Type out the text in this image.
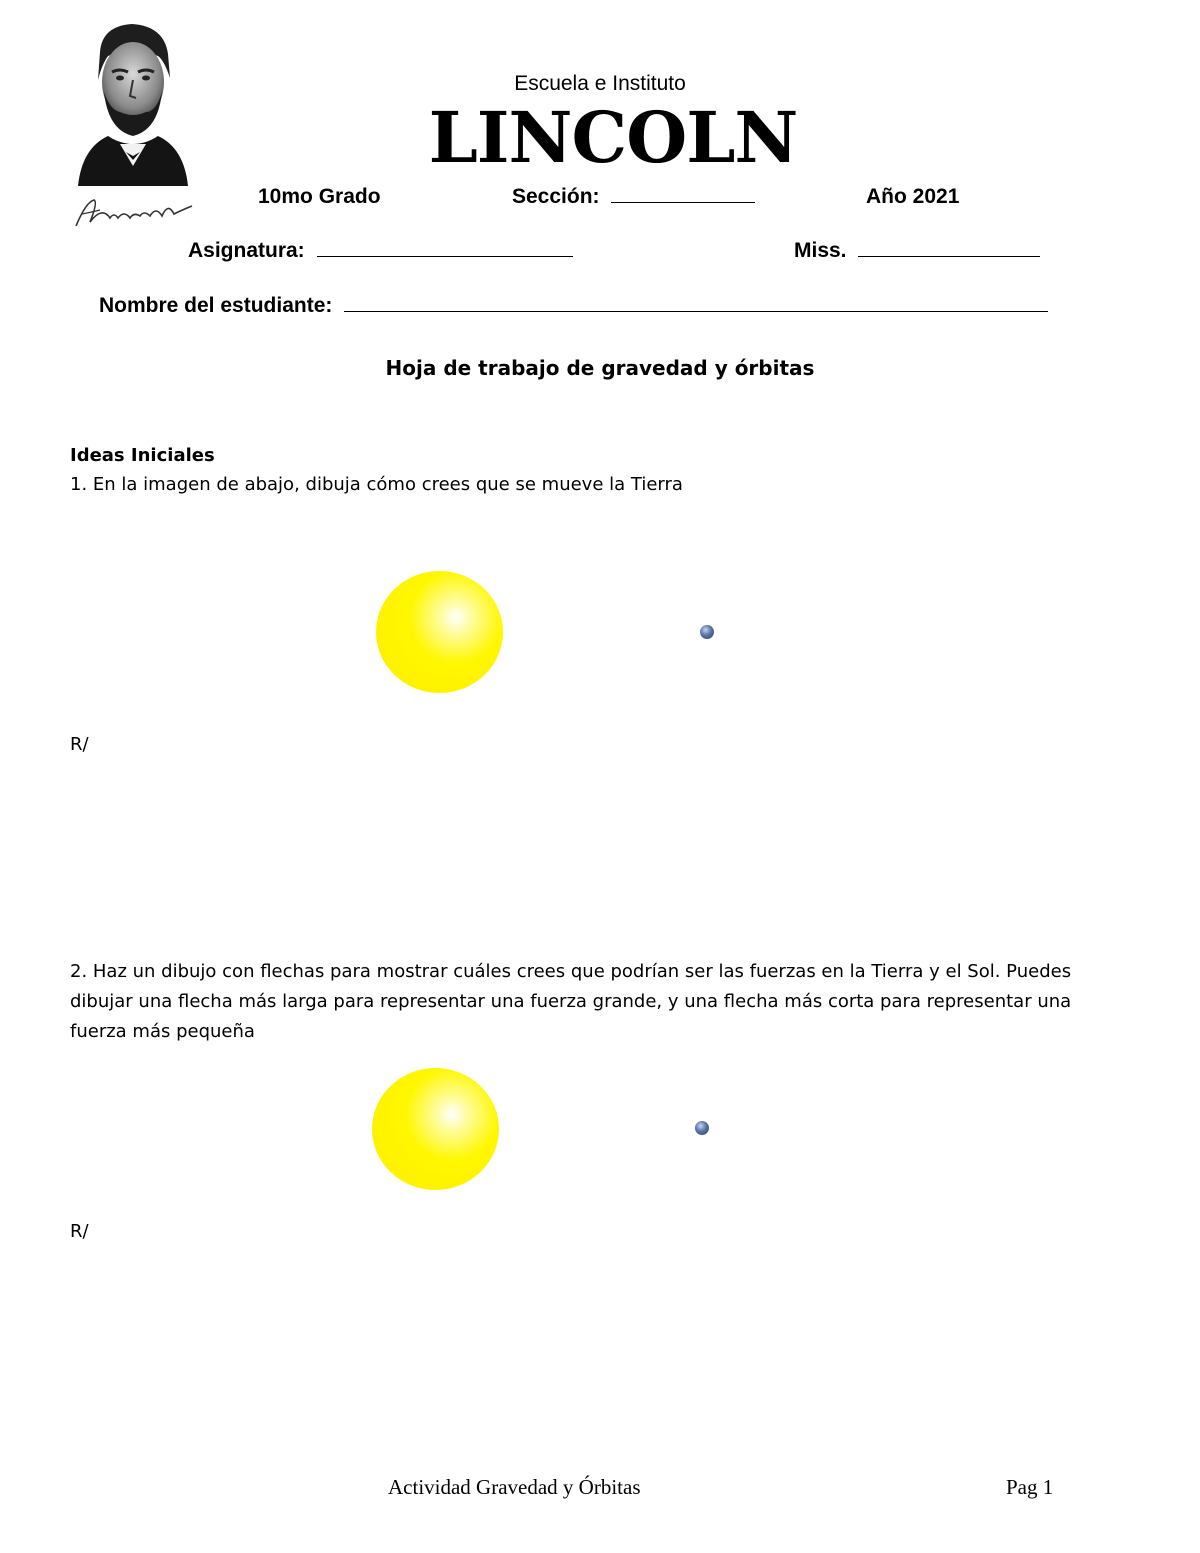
Escuela e Instituto
LINCOLN
10mo Grado	Sección:	Año 2021
Asignatura:	Miss.
Nombre del estudiante:
Hoja de trabajo de gravedad y órbitas
Ideas Iniciales
1. En la imagen de abajo, dibuja cómo crees que se mueve la Tierra
R/
2. Haz un dibujo con flechas para mostrar cuáles crees que podrían ser las fuerzas en la Tierra y el Sol. Puedes dibujar una flecha más larga para representar una fuerza grande, y una flecha más corta para representar una fuerza más pequeña
R/
Actividad Gravedad y Órbitas	Pag 1
